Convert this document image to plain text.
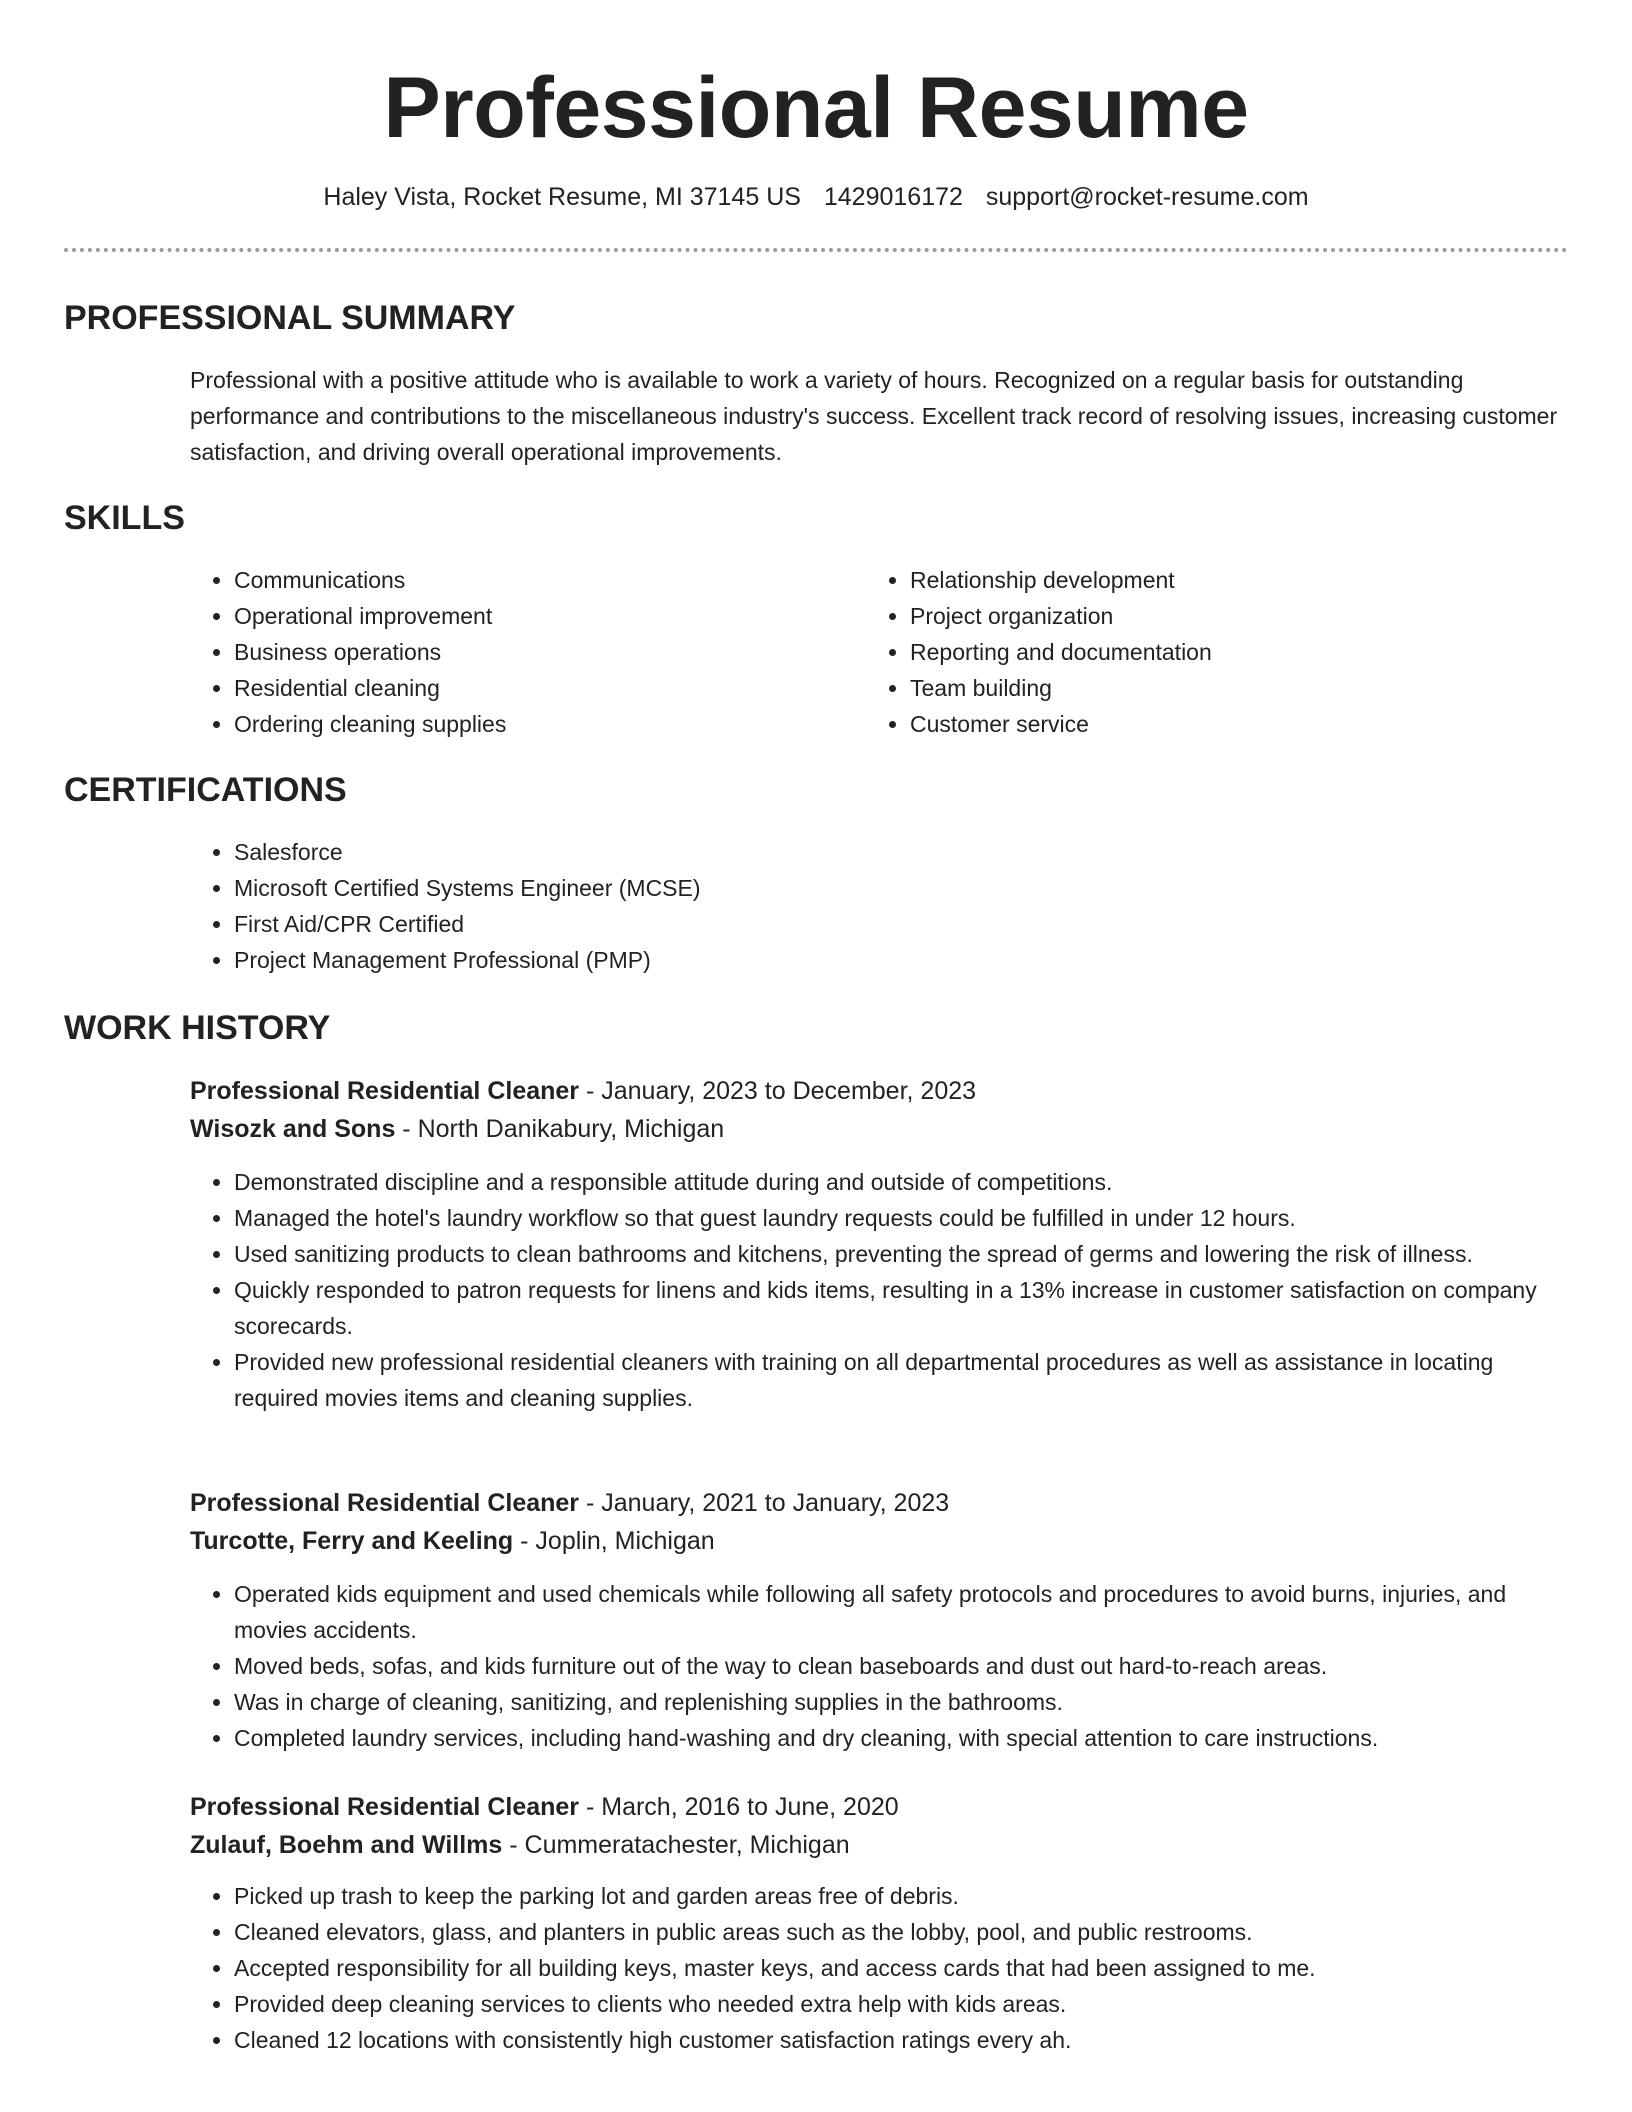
Professional Resume
Haley Vista, Rocket Resume, MI 37145 US 1429016172 support@rocket-resume.com
PROFESSIONAL SUMMARY

Professional with a positive attitude who is available to work a variety of hours. Recognized on a regular basis for outstanding performance and contributions to the miscellaneous industry's success. Excellent track record of resolving issues, increasing customer satisfaction, and driving overall operational improvements.

SKILLS
• Communications
• Operational improvement
• Business operations
• Residential cleaning
• Ordering cleaning supplies
• Relationship development
• Project organization
• Reporting and documentation
• Team building
• Customer service
CERTIFICATIONS
• Salesforce
• Microsoft Certified Systems Engineer (MCSE)
• First Aid/CPR Certified
• Project Management Professional (PMP)
WORK HISTORY
Professional Residential Cleaner - January, 2023 to December, 2023
Wisozk and Sons - North Danikabury, Michigan
• Demonstrated discipline and a responsible attitude during and outside of competitions.
• Managed the hotel's laundry workflow so that guest laundry requests could be fulfilled in under 12 hours.
• Used sanitizing products to clean bathrooms and kitchens, preventing the spread of germs and lowering the risk of illness.
• Quickly responded to patron requests for linens and kids items, resulting in a 13% increase in customer satisfaction on company scorecards.
• Provided new professional residential cleaners with training on all departmental procedures as well as assistance in locating required movies items and cleaning supplies.
Professional Residential Cleaner - January, 2021 to January, 2023
Turcotte, Ferry and Keeling - Joplin, Michigan
• Operated kids equipment and used chemicals while following all safety protocols and procedures to avoid burns, injuries, and movies accidents.
• Moved beds, sofas, and kids furniture out of the way to clean baseboards and dust out hard-to-reach areas.
• Was in charge of cleaning, sanitizing, and replenishing supplies in the bathrooms.
• Completed laundry services, including hand-washing and dry cleaning, with special attention to care instructions.
Professional Residential Cleaner - March, 2016 to June, 2020
Zulauf, Boehm and Willms - Cummeratachester, Michigan
• Picked up trash to keep the parking lot and garden areas free of debris.
• Cleaned elevators, glass, and planters in public areas such as the lobby, pool, and public restrooms.
• Accepted responsibility for all building keys, master keys, and access cards that had been assigned to me.
• Provided deep cleaning services to clients who needed extra help with kids areas.
• Cleaned 12 locations with consistently high customer satisfaction ratings every ah.
